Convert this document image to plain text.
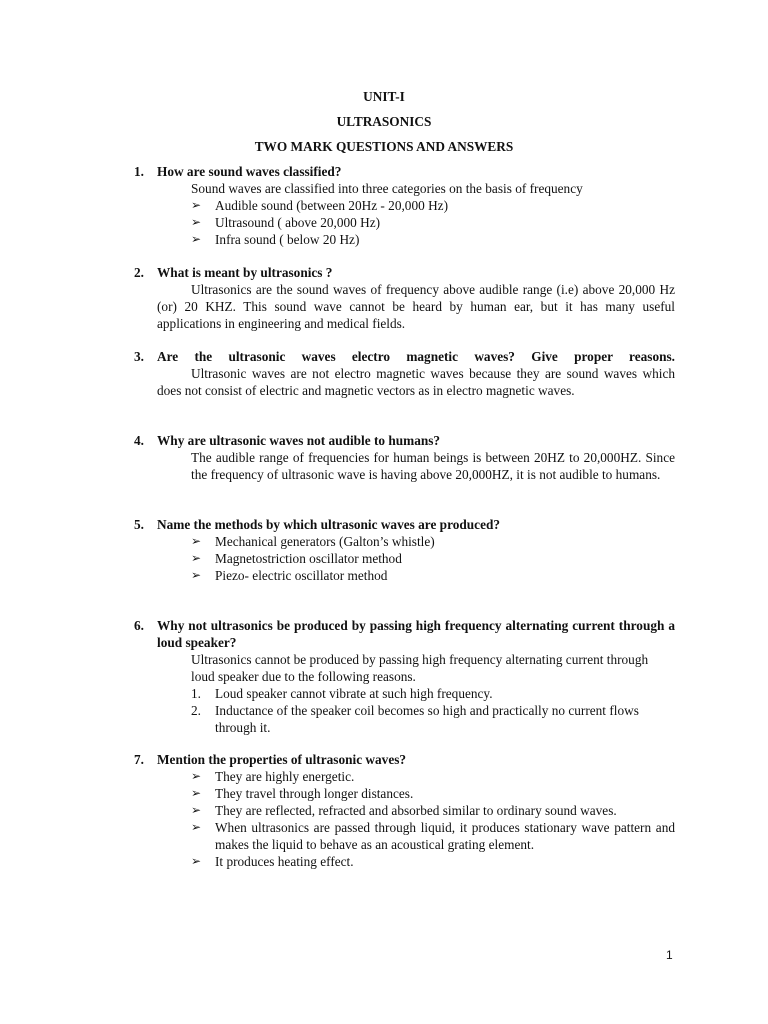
UNIT-I
ULTRASONICS
TWO MARK QUESTIONS AND ANSWERS
1. How are sound waves classified?
Sound waves are classified into three categories on the basis of frequency
➢ Audible sound (between 20Hz - 20,000 Hz)
➢ Ultrasound ( above 20,000 Hz)
➢ Infra sound ( below 20 Hz)
2. What is meant by ultrasonics ?
Ultrasonics are the sound waves of frequency above audible range (i.e) above 20,000 Hz (or) 20 KHZ. This sound wave cannot be heard by human ear, but it has many useful applications in engineering and medical fields.
3. Are the ultrasonic waves electro magnetic waves? Give proper reasons.
Ultrasonic waves are not electro magnetic waves because they are sound waves which does not consist of electric and magnetic vectors as in electro magnetic waves.
4. Why are ultrasonic waves not audible to humans?
The audible range of frequencies for human beings is between 20HZ to 20,000HZ. Since the frequency of ultrasonic wave is having above 20,000HZ, it is not audible to humans.
5. Name the methods by which ultrasonic waves are produced?
➢ Mechanical generators (Galton’s whistle)
➢ Magnetostriction oscillator method
➢ Piezo- electric oscillator method
6. Why not ultrasonics be produced by passing high frequency alternating current through a loud speaker?
Ultrasonics cannot be produced by passing high frequency alternating current through loud speaker due to the following reasons.
1. Loud speaker cannot vibrate at such high frequency.
2. Inductance of the speaker coil becomes so high and practically no current flows through it.
7. Mention the properties of ultrasonic waves?
➢ They are highly energetic.
➢ They travel through longer distances.
➢ They are reflected, refracted and absorbed similar to ordinary sound waves.
➢ When ultrasonics are passed through liquid, it produces stationary wave pattern and makes the liquid to behave as an acoustical grating element.
➢ It produces heating effect.
1
